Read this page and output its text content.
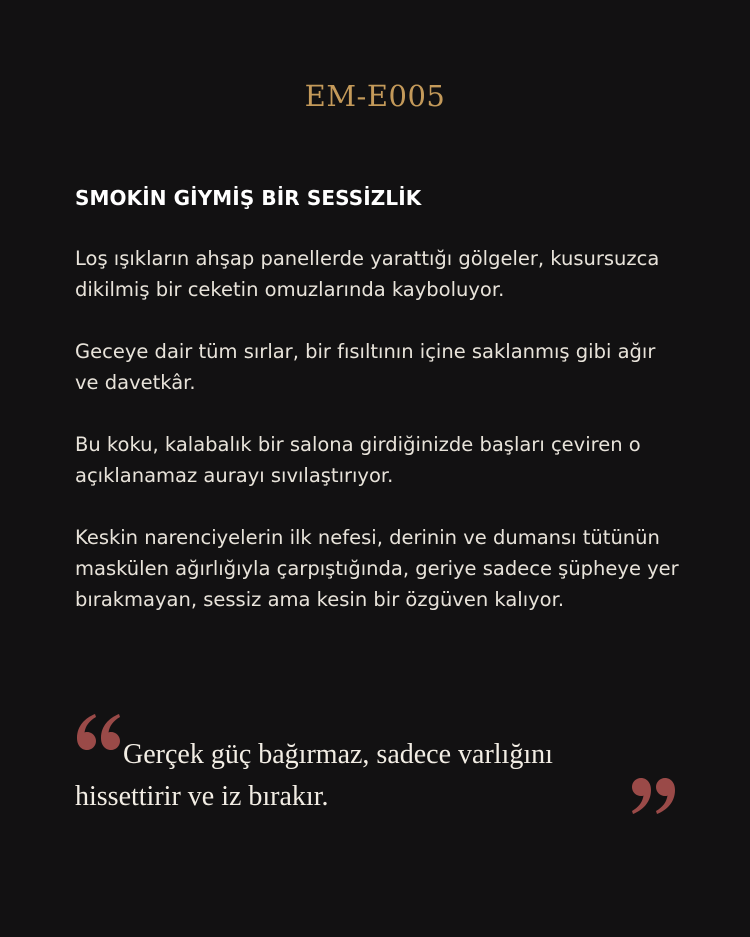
EM-E005
SMOKİN GİYMİŞ BİR SESSİZLİK

Loş ışıkların ahşap panellerde yarattığı gölgeler, kusursuzca dikilmiş bir ceketin omuzlarında kayboluyor.

Geceye dair tüm sırlar, bir fısıltının içine saklanmış gibi ağır ve davetkâr.

Bu koku, kalabalık bir salona girdiğinizde başları çeviren o açıklanamaz aurayı sıvılaştırıyor.

Keskin narenciyelerin ilk nefesi, derinin ve dumansı tütünün maskülen ağırlığıyla çarpıştığında, geriye sadece şüpheye yer bırakmayan, sessiz ama kesin bir özgüven kalıyor.

Gerçek güç bağırmaz, sadece varlığını hissettirir ve iz bırakır.
